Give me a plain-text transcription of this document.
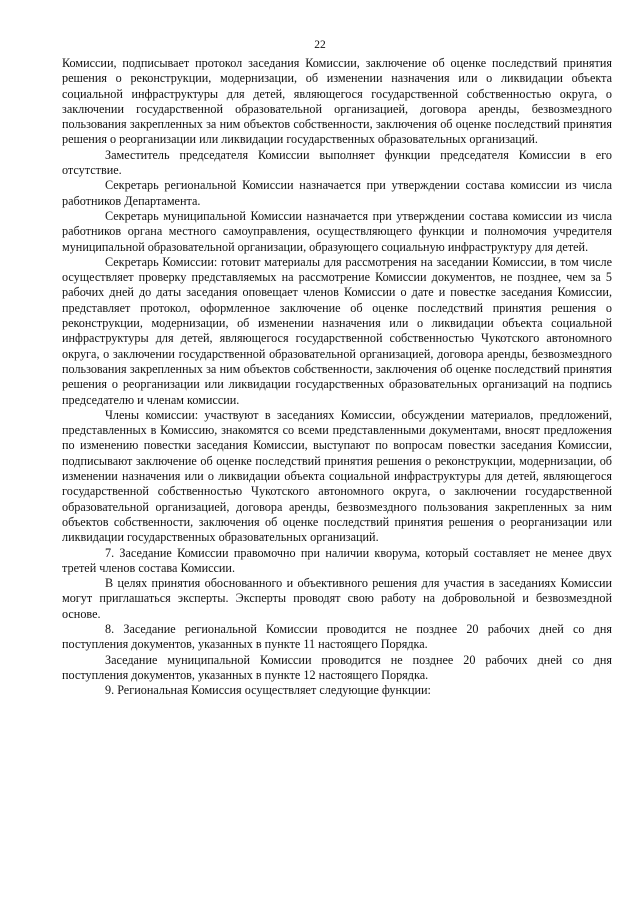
22

Комиссии, подписывает протокол заседания Комиссии, заключение об оценке последствий принятия решения о реконструкции, модернизации, об изменении назначения или о ликвидации объекта социальной инфраструктуры для детей, являющегося государственной собственностью округа, о заключении государственной образовательной организацией, договора аренды, безвозмездного пользования закрепленных за ним объектов собственности, заключения об оценке последствий принятия решения о реорганизации или ликвидации государственных образовательных организаций.

Заместитель председателя Комиссии выполняет функции председателя Комиссии в его отсутствие.

Секретарь региональной Комиссии назначается при утверждении состава комиссии из числа работников Департамента.

Секретарь муниципальной Комиссии назначается при утверждении состава комиссии из числа работников органа местного самоуправления, осуществляющего функции и полномочия учредителя муниципальной образовательной организации, образующего социальную инфраструктуру для детей.

Секретарь Комиссии: готовит материалы для рассмотрения на заседании Комиссии, в том числе осуществляет проверку представляемых на рассмотрение Комиссии документов, не позднее, чем за 5 рабочих дней до даты заседания оповещает членов Комиссии о дате и повестке заседания Комиссии, представляет протокол, оформленное заключение об оценке последствий принятия решения о реконструкции, модернизации, об изменении назначения или о ликвидации объекта социальной инфраструктуры для детей, являющегося государственной собственностью Чукотского автономного округа, о заключении государственной образовательной организацией, договора аренды, безвозмездного пользования закрепленных за ним объектов собственности, заключения об оценке последствий принятия решения о реорганизации или ликвидации государственных образовательных организаций на подпись председателю и членам комиссии.

Члены комиссии: участвуют в заседаниях Комиссии, обсуждении материалов, предложений, представленных в Комиссию, знакомятся со всеми представленными документами, вносят предложения по изменению повестки заседания Комиссии, выступают по вопросам повестки заседания Комиссии, подписывают заключение об оценке последствий принятия решения о реконструкции, модернизации, об изменении назначения или о ликвидации объекта социальной инфраструктуры для детей, являющегося государственной собственностью Чукотского автономного округа, о заключении государственной образовательной организацией, договора аренды, безвозмездного пользования закрепленных за ним объектов собственности, заключения об оценке последствий принятия решения о реорганизации или ликвидации государственных образовательных организаций.

7. Заседание Комиссии правомочно при наличии кворума, который составляет не менее двух третей членов состава Комиссии.

В целях принятия обоснованного и объективного решения для участия в заседаниях Комиссии могут приглашаться эксперты. Эксперты проводят свою работу на добровольной и безвозмездной основе.

8. Заседание региональной Комиссии проводится не позднее 20 рабочих дней со дня поступления документов, указанных в пункте 11 настоящего Порядка.

Заседание муниципальной Комиссии проводится не позднее 20 рабочих дней со дня поступления документов, указанных в пункте 12 настоящего Порядка.

9. Региональная Комиссия осуществляет следующие функции:
